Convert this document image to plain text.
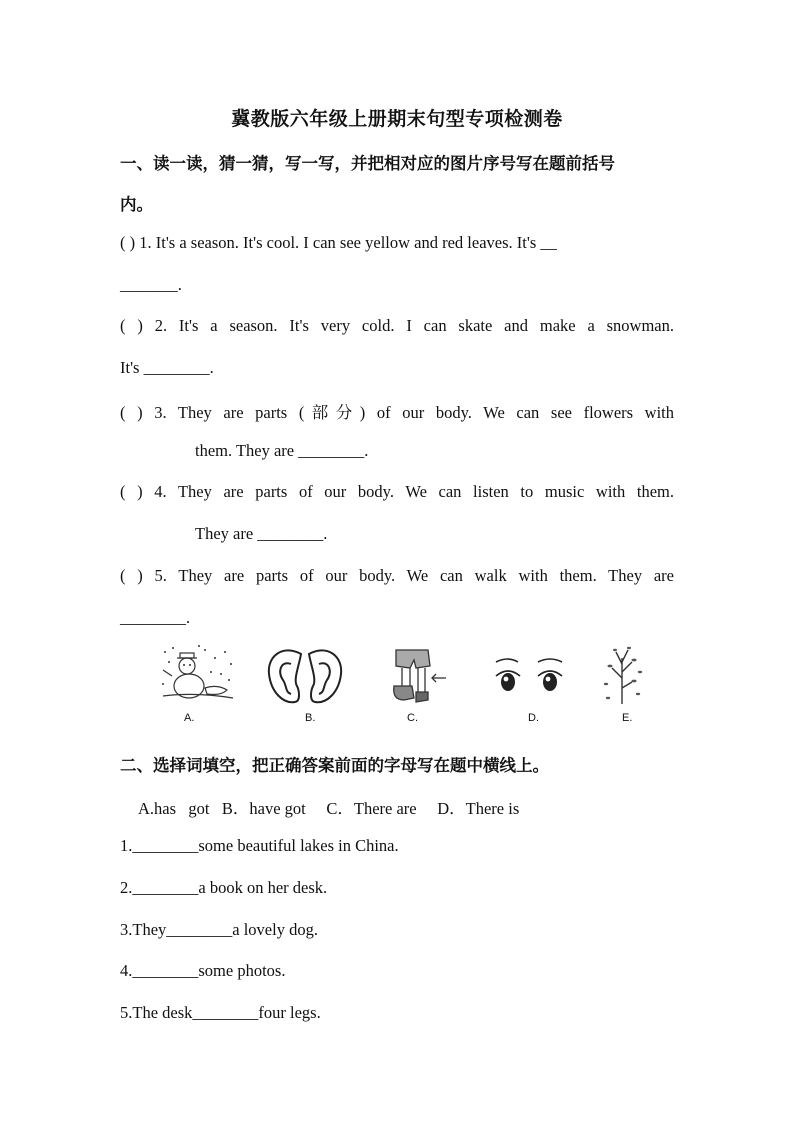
冀教版六年级上册期末句型专项检测卷
一、读一读，猜一猜，写一写，并把相对应的图片序号写在题前括号
内。
( ) 1. It's a season. It's cool. I can see yellow and red leaves. It's __
_______.
( ) 2. It's a season. It's very cold. I can skate and make a snowman.
It's ________.
( ) 3. They are parts (部分) of our body. We can see flowers with
them. They are ________.
( ) 4. They are parts of our body. We can listen to music with them.
They are ________.
( ) 5. They are parts of our body. We can walk with them. They are
________.
A.	B.	C.	D.	E.
二、选择词填空，把正确答案前面的字母写在题中横线上。
A.has   got   B．have got     C．There are     D．There is
1.________some beautiful lakes in China.
2.________a book on her desk.
3.They________a lovely dog.
4.________some photos.
5.The desk________four legs.
